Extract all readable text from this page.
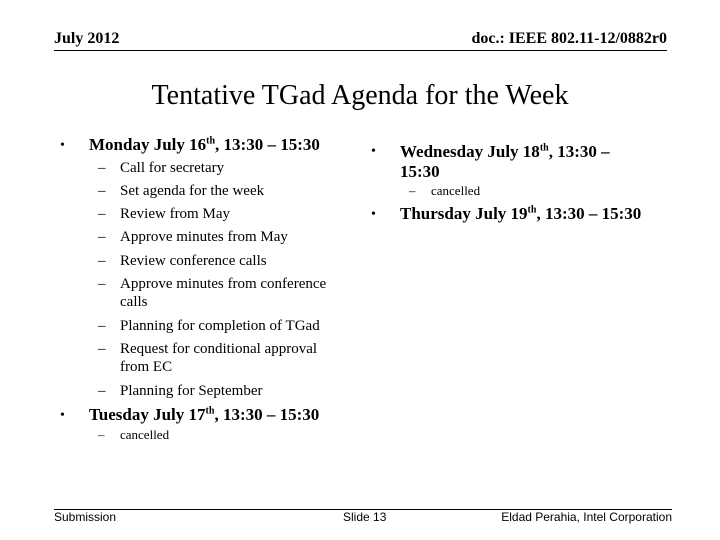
July 2012	doc.: IEEE 802.11-12/0882r0
Tentative TGad Agenda for the Week
• Monday July 16th, 13:30 – 15:30
– Call for secretary
– Set agenda for the week
– Review from May
– Approve minutes from May
– Review conference calls
– Approve minutes from conference
calls
– Planning for completion of TGad
– Request for conditional approval
from EC
– Planning for September
• Tuesday July 17th, 13:30 – 15:30
– cancelled
• Wednesday July 18th, 13:30 –
15:30
– cancelled
• Thursday July 19th, 13:30 – 15:30
Submission	Slide 13	Eldad Perahia, Intel Corporation
